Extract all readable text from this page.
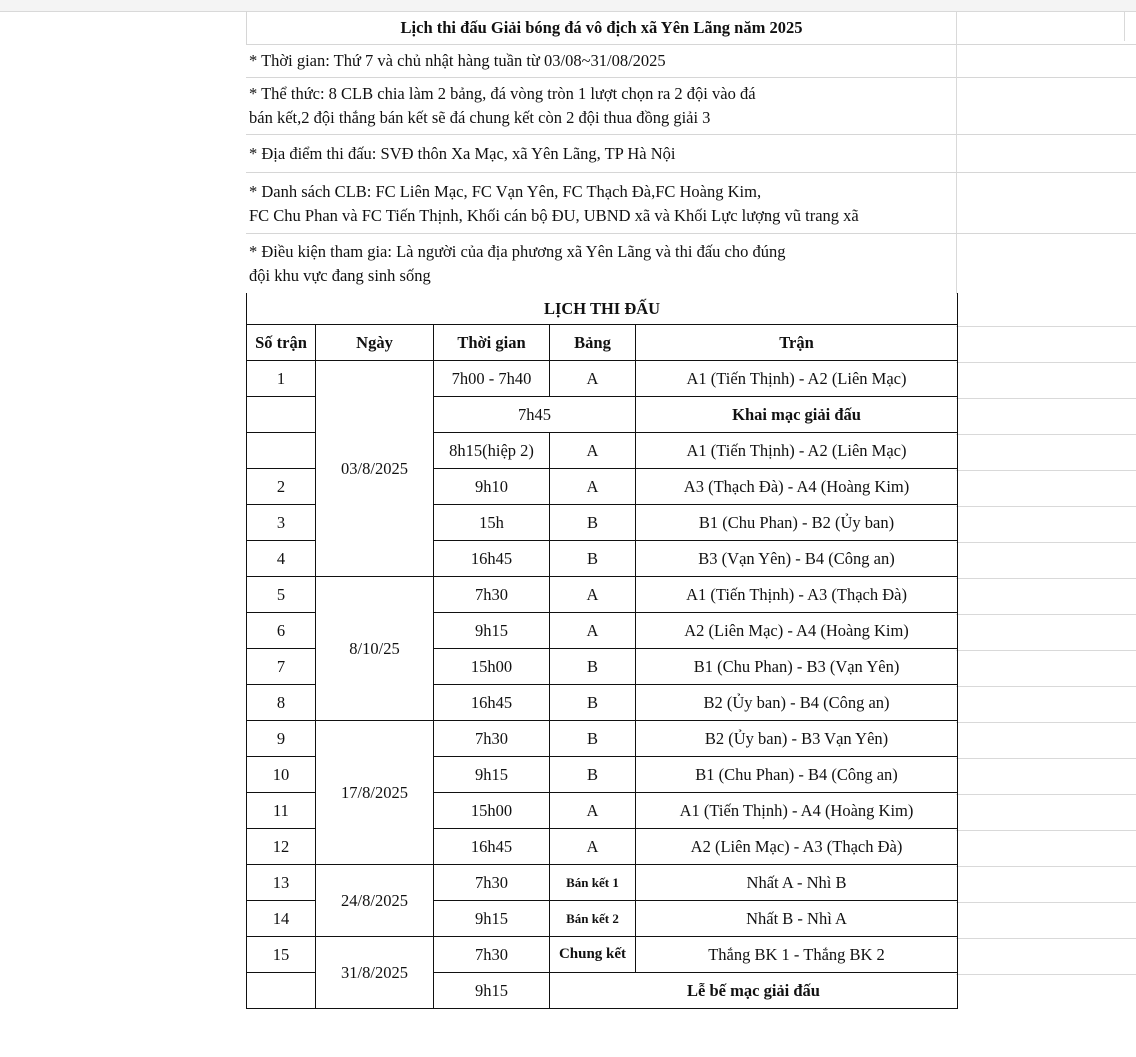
Lịch thi đấu Giải bóng đá vô địch xã Yên Lãng năm 2025
* Thời gian: Thứ 7 và chủ nhật hàng tuần từ 03/08~31/08/2025
* Thể thức: 8 CLB chia làm 2 bảng, đá vòng tròn 1 lượt chọn ra 2 đội vào đá
bán kết,2 đội thắng bán kết sẽ đá chung kết còn 2 đội thua đồng giải 3
* Địa điểm thi đấu: SVĐ thôn Xa Mạc, xã Yên Lãng, TP Hà Nội
* Danh sách CLB: FC Liên Mạc, FC Vạn Yên, FC Thạch Đà,FC Hoàng Kim,
FC Chu Phan và FC Tiến Thịnh, Khối cán bộ ĐU, UBND xã và Khối Lực lượng vũ trang xã
* Điều kiện tham gia: Là người của địa phương xã Yên Lãng và thi đấu cho đúng
đội khu vực đang sinh sống
LỊCH THI ĐẤU				
Số trận	Ngày	Thời gian	Bảng	Trận
1	03/8/2025	7h00 - 7h40	A	A1 (Tiến Thịnh) - A2 (Liên Mạc)
		7h45		Khai mạc giải đấu
		8h15(hiệp 2)	A	A1 (Tiến Thịnh) - A2 (Liên Mạc)
2		9h10	A	A3 (Thạch Đà) - A4 (Hoàng Kim)
3		15h	B	B1 (Chu Phan) - B2 (Ủy ban)
4		16h45	B	B3 (Vạn Yên) - B4 (Công an)
5	8/10/25	7h30	A	A1 (Tiến Thịnh) - A3 (Thạch Đà)
6		9h15	A	A2 (Liên Mạc) - A4 (Hoàng Kim)
7		15h00	B	B1 (Chu Phan) - B3 (Vạn Yên)
8		16h45	B	B2 (Ủy ban) - B4 (Công an)
9	17/8/2025	7h30	B	B2 (Ủy ban) - B3 Vạn Yên)
10		9h15	B	B1 (Chu Phan) - B4 (Công an)
11		15h00	A	A1 (Tiến Thịnh) - A4 (Hoàng Kim)
12		16h45	A	A2 (Liên Mạc) - A3 (Thạch Đà)
13	24/8/2025	7h30	Bán kết 1	Nhất A - Nhì B
14		9h15	Bán kết 2	Nhất B - Nhì A
15	31/8/2025	7h30	Chung kết	Thắng BK 1 - Thắng BK 2
		9h15	Lễ bế mạc giải đấu	
